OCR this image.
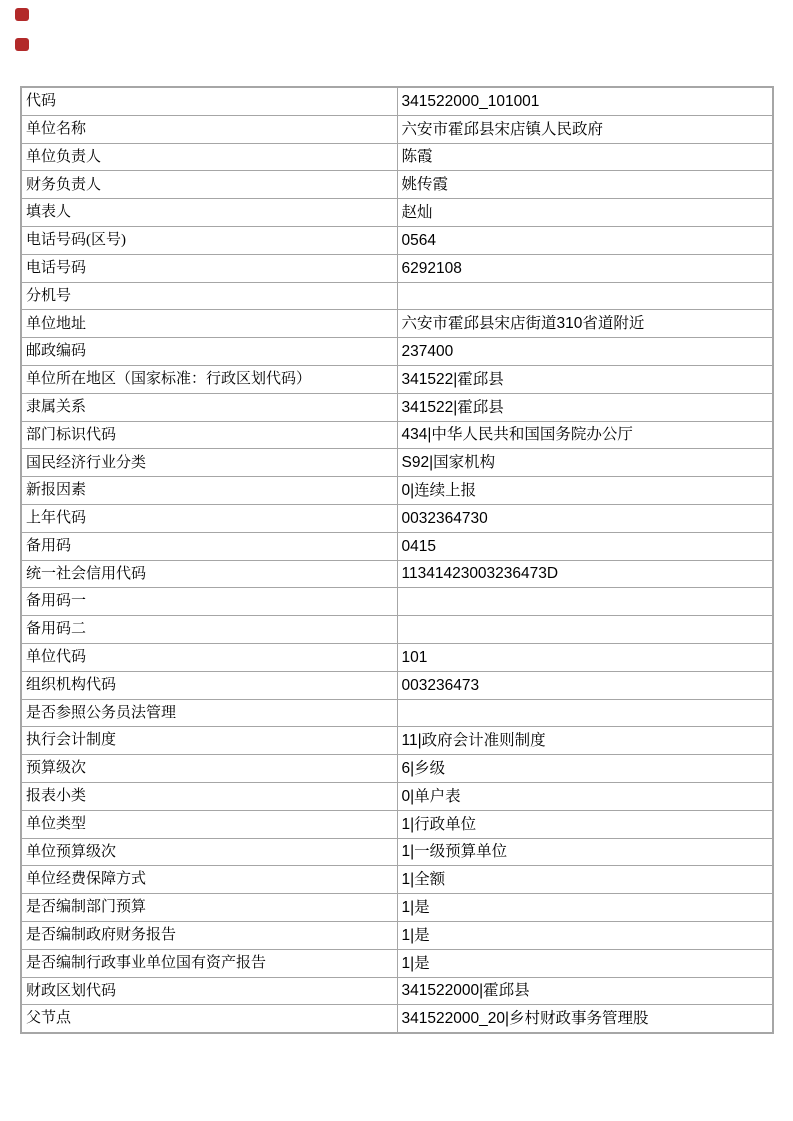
代码	341522000_101001
单位名称	六安市霍邱县宋店镇人民政府
单位负责人	陈霞
财务负责人	姚传霞
填表人	赵灿
电话号码(区号)	0564
电话号码	6292108
分机号	
单位地址	六安市霍邱县宋店街道310省道附近
邮政编码	237400
单位所在地区（国家标准：行政区划代码）	341522|霍邱县
隶属关系	341522|霍邱县
部门标识代码	434|中华人民共和国国务院办公厅
国民经济行业分类	S92|国家机构
新报因素	0|连续上报
上年代码	0032364730
备用码	0415
统一社会信用代码	11341423003236473D
备用码一	
备用码二	
单位代码	101
组织机构代码	003236473
是否参照公务员法管理	
执行会计制度	11|政府会计准则制度
预算级次	6|乡级
报表小类	0|单户表
单位类型	1|行政单位
单位预算级次	1|一级预算单位
单位经费保障方式	1|全额
是否编制部门预算	1|是
是否编制政府财务报告	1|是
是否编制行政事业单位国有资产报告	1|是
财政区划代码	341522000|霍邱县
父节点	341522000_20|乡村财政事务管理股
